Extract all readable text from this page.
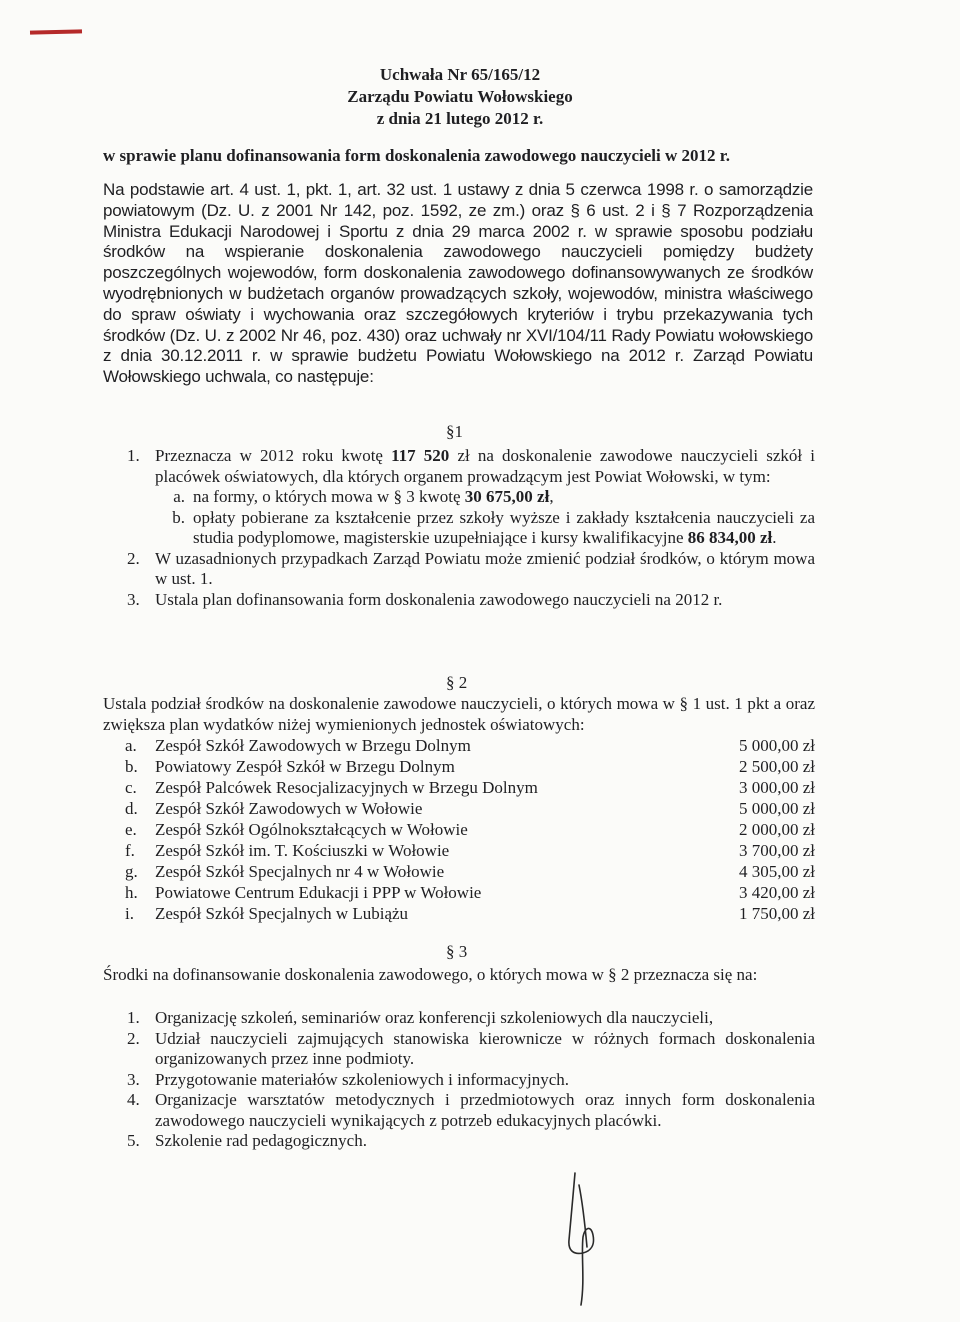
Uchwała Nr 65/165/12
Zarządu Powiatu Wołowskiego
z dnia 21 lutego 2012 r.
w sprawie planu dofinansowania form doskonalenia zawodowego nauczycieli w 2012 r.
Na podstawie art. 4 ust. 1, pkt. 1, art. 32 ust. 1 ustawy z dnia 5 czerwca 1998 r. o samorządzie powiatowym (Dz. U. z 2001 Nr 142, poz. 1592, ze zm.) oraz § 6 ust. 2 i § 7 Rozporządzenia Ministra Edukacji Narodowej i Sportu z dnia 29 marca 2002 r. w sprawie sposobu podziału środków na wspieranie doskonalenia zawodowego nauczycieli pomiędzy budżety poszczególnych wojewodów, form doskonalenia zawodowego dofinansowywanych ze środków wyodrębnionych w budżetach organów prowadzących szkoły, wojewodów, ministra właściwego do spraw oświaty i wychowania oraz szczegółowych kryteriów i trybu przekazywania tych środków (Dz. U. z 2002 Nr 46, poz. 430) oraz uchwały nr XVI/104/11 Rady Powiatu wołowskiego z dnia 30.12.2011 r. w sprawie budżetu Powiatu Wołowskiego na 2012 r. Zarząd Powiatu Wołowskiego uchwala, co następuje:
§1
1. Przeznacza w 2012 roku kwotę 117 520 zł na doskonalenie zawodowe nauczycieli szkół i placówek oświatowych, dla których organem prowadzącym jest Powiat Wołowski, w tym:
a. na formy, o których mowa w § 3 kwotę 30 675,00 zł,
b. opłaty pobierane za kształcenie przez szkoły wyższe i zakłady kształcenia nauczycieli za studia podyplomowe, magisterskie uzupełniające i kursy kwalifikacyjne 86 834,00 zł.
2. W uzasadnionych przypadkach Zarząd Powiatu może zmienić podział środków, o którym mowa w ust. 1.
3. Ustala plan dofinansowania form doskonalenia zawodowego nauczycieli na 2012 r.
§ 2
Ustala podział środków na doskonalenie zawodowe nauczycieli, o których mowa w § 1 ust. 1 pkt a oraz zwiększa plan wydatków niżej wymienionych jednostek oświatowych:
a.	Zespół Szkół Zawodowych w Brzegu Dolnym	5 000,00 zł
b.	Powiatowy Zespół Szkół w Brzegu Dolnym	2 500,00 zł
c.	Zespół Palcówek Resocjalizacyjnych w Brzegu Dolnym	3 000,00 zł
d.	Zespół Szkół Zawodowych w Wołowie	5 000,00 zł
e.	Zespół Szkół Ogólnokształcących w Wołowie	2 000,00 zł
f.	Zespół Szkół im. T. Kościuszki w Wołowie	3 700,00 zł
g.	Zespół Szkół Specjalnych nr 4 w Wołowie	4 305,00 zł
h.	Powiatowe Centrum Edukacji i PPP w Wołowie	3 420,00 zł
i.	Zespół Szkół Specjalnych w Lubiążu	1 750,00 zł
§ 3
Środki na dofinansowanie doskonalenia zawodowego, o których mowa w § 2 przeznacza się na:
1. Organizację szkoleń, seminariów oraz konferencji szkoleniowych dla nauczycieli,
2. Udział nauczycieli zajmujących stanowiska kierownicze w różnych formach doskonalenia organizowanych przez inne podmioty.
3. Przygotowanie materiałów szkoleniowych i informacyjnych.
4. Organizacje warsztatów metodycznych i przedmiotowych oraz innych form doskonalenia zawodowego nauczycieli wynikających z potrzeb edukacyjnych placówki.
5. Szkolenie rad pedagogicznych.
